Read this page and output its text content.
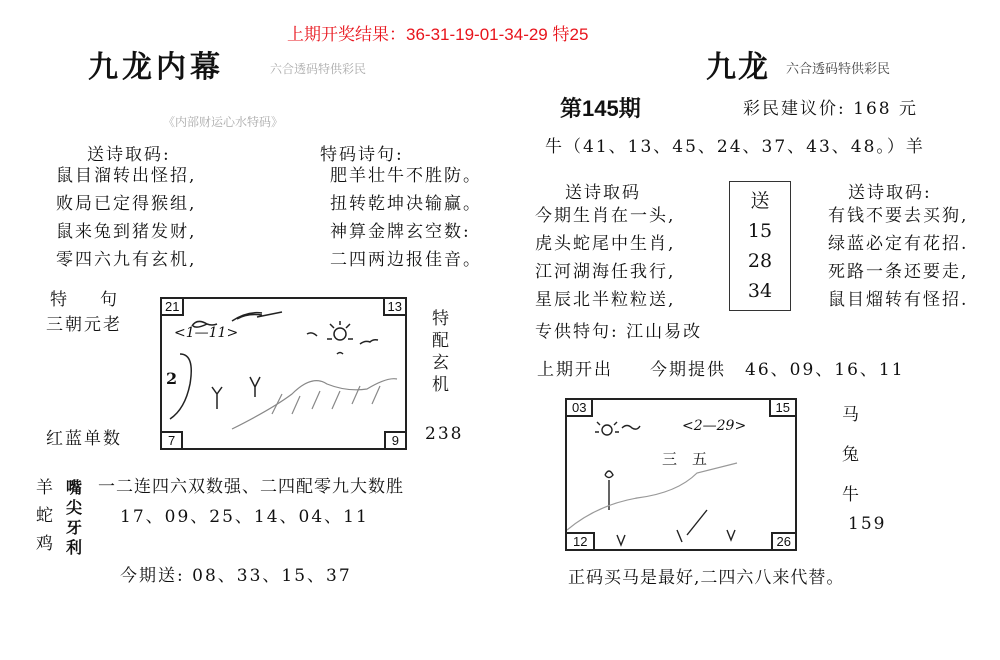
上期开奖结果：36-31-19-01-34-29 特25
九龙内幕	六合透码特供彩民
《内部财运心水特码》
送诗取码:
鼠目溜转出怪招,
败局已定得猴组,
鼠来兔到猪发财,
零四六九有玄机,
特码诗句:
肥羊壮牛不胜防。
扭转乾坤决输赢。
神算金牌玄空数:
二四两边报佳音。
特　句
三朝元老
红蓝单数
21	13
7	9
<1—11>
2
特
配
玄
机
238
羊
蛇
鸡
嘴
尖
牙
利
一二连四六双数强、二四配零九大数胜
17、09、25、14、04、11
今期送: 08、33、15、37
九龙 六合透码特供彩民
第145期	彩民建议价: 168 元
牛（41、13、45、24、37、43、48。）羊
送诗取码
今期生肖在一头,
虎头蛇尾中生肖,
江河湖海任我行,
星辰北半粒粒送,
送
15
28
34
送诗取码:
有钱不要去买狗,
绿蓝必定有花招.
死路一条还要走,
鼠目熘转有怪招.
专供特句: 江山易改
上期开出 今期提供　46、09、16、11
03	15
12	26
<2—29>
三　五
马
兔
牛
159
正码买马是最好,二四六八来代替。
